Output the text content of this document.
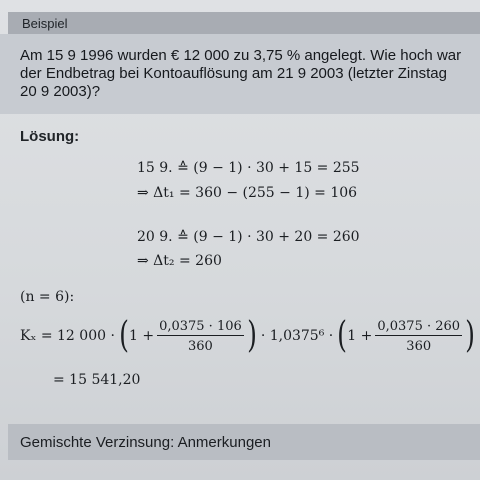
Beispiel
Am 15 9 1996 wurden € 12 000 zu 3,75 % angelegt. Wie hoch war
der Endbetrag bei Kontoauflösung am 21 9 2003 (letzter Zinstag
20 9 2003)?
Lösung:
15 9. ≙ (9 − 1) · 30 + 15 = 255
⇒ Δt₁ = 360 − (255 − 1) = 106
20 9. ≙ (9 − 1) · 30 + 20 = 260
⇒ Δt₂ = 260
(n = 6):
Kₓ = 12 000 · ( $1 + \frac{0,0375 \cdot 106}{360}$ ) · 1,0375⁶ · ( $1 + \frac{0,0375 \cdot 260}{360}$ )
= 15 541,20
Gemischte Verzinsung: Anmerkungen
